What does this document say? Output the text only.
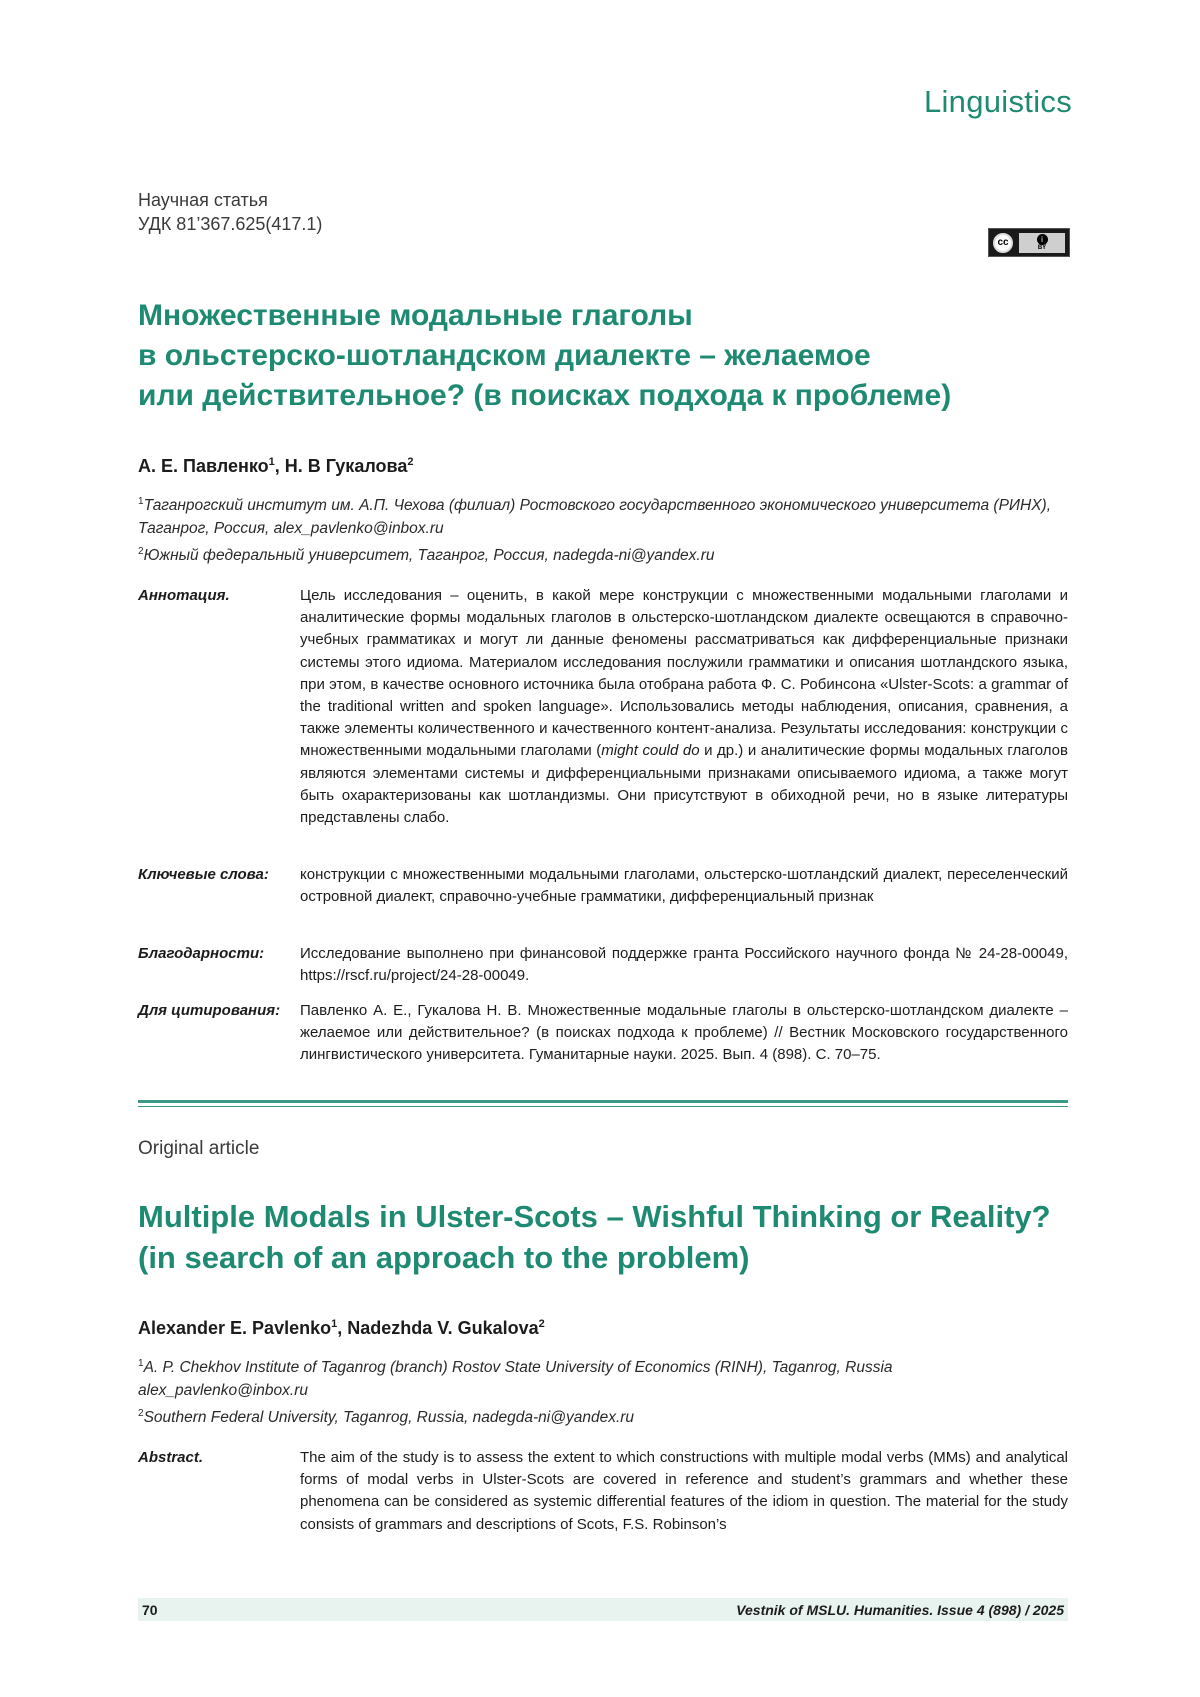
Linguistics
Научная статья
УДК 81’367.625(417.1)
cc	i
BY
Множественные модальные глаголы
в ольстерско-шотландском диалекте – желаемое
или действительное? (в поисках подхода к проблеме)
А. Е. Павленко1, Н. В Гукалова2
1Таганрогский институт им. А.П. Чехова (филиал) Ростовского государственного экономического университета (РИНХ), Таганрог, Россия, alex_pavlenko@inbox.ru
2Южный федеральный университет, Таганрог, Россия, nadegda-ni@yandex.ru
Аннотация.	Цель исследования – оценить, в какой мере конструкции с множественными модальными глаголами и аналитические формы модальных глаголов в ольстерско-шотландском диалекте освещаются в справочно-учебных грамматиках и могут ли данные феномены рассматриваться как дифференциальные признаки системы этого идиома. Материалом исследования послужили грамматики и описания шотландского языка, при этом, в качестве основного источника была отобрана работа Ф. С. Робинсона «Ulster-Scots: a grammar of the traditional written and spoken language». Использовались методы наблюдения, описания, сравнения, а также элементы количественного и качественного контент-анализа. Результаты исследования: конструкции с множественными модальными глаголами (might could do и др.) и аналитические формы модальных глаголов являются элементами системы и дифференциальными признаками описываемого идиома, а также могут быть охарактеризованы как шотландизмы. Они присутствуют в обиходной речи, но в языке литературы представлены слабо.
Ключевые слова:	конструкции с множественными модальными глаголами, ольстерско-шотландский диалект, переселенческий островной диалект, справочно-учебные грамматики, дифференциальный признак
Благодарности:	Исследование выполнено при финансовой поддержке гранта Российского научного фонда № 24-28-00049, https://rscf.ru/project/24-28-00049.
Для цитирования:	Павленко А. Е., Гукалова Н. В. Множественные модальные глаголы в ольстерско-шотландском диалекте – желаемое или действительное? (в поисках подхода к проблеме) // Вестник Московского государственного лингвистического университета. Гуманитарные науки. 2025. Вып. 4 (898). С. 70–75.
Original article
Multiple Modals in Ulster-Scots – Wishful Thinking or Reality?
(in search of an approach to the problem)
Alexander E. Pavlenko1, Nadezhda V. Gukalova2
1A. P. Chekhov Institute of Taganrog (branch) Rostov State University of Economics (RINH), Taganrog, Russia alex_pavlenko@inbox.ru
2Southern Federal University, Taganrog, Russia, nadegda-ni@yandex.ru
Abstract.	The aim of the study is to assess the extent to which constructions with multiple modal verbs (MMs) and analytical forms of modal verbs in Ulster-Scots are covered in reference and student’s grammars and whether these phenomena can be considered as systemic differential features of the idiom in question. The material for the study consists of grammars and descriptions of Scots, F.S. Robinson’s
70	Vestnik of MSLU. Humanities. Issue 4 (898) / 2025
